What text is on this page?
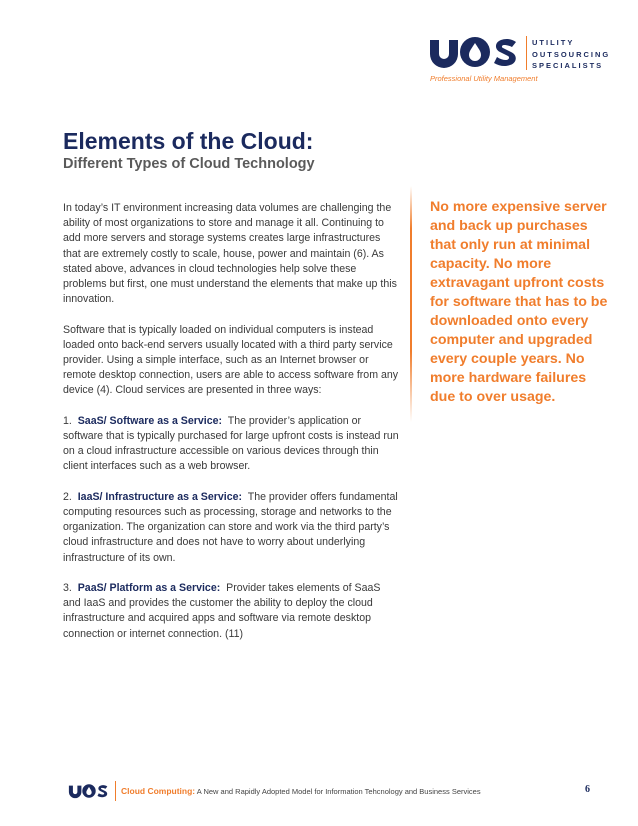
UTILITY
OUTSOURCING
SPECIALISTS
Professional Utility Management
Elements of the Cloud:
Different Types of Cloud Technology

In today’s IT environment increasing data volumes are challenging the ability of most organizations to store and manage it all. Continuing to add more servers and storage systems creates large infrastructures that are extremely costly to scale, house, power and maintain (6). As stated above, advances in cloud technologies help solve these problems but first, one must understand the elements that make up this innovation.

Software that is typically loaded on individual computers is instead loaded onto back-end servers usually located with a third party service provider. Using a simple interface, such as an Internet browser or remote desktop connection, users are able to access software from any device (4). Cloud services are presented in three ways:

1. SaaS/ Software as a Service: The provider’s application or software that is typically purchased for large upfront costs is instead run on a cloud infrastructure accessible on various devices through thin client interfaces such as a web browser.

2. IaaS/ Infrastructure as a Service: The provider offers fundamental computing resources such as processing, storage and networks to the organization. The organization can store and work via the third party’s cloud infrastructure and does not have to worry about underlying infrastructure of its own.

3. PaaS/ Platform as a Service: Provider takes elements of SaaS and IaaS and provides the customer the ability to deploy the cloud infrastructure and acquired apps and software via remote desktop connection or internet connection. (11)

No more expensive server and back up purchases that only run at minimal capacity. No more extravagant upfront costs for software that has to be downloaded onto every computer and upgraded every couple years. No more hardware failures due to over usage.
Cloud Computing: A New and Rapidly Adopted Model for Information Tehcnology and Business Services	6
